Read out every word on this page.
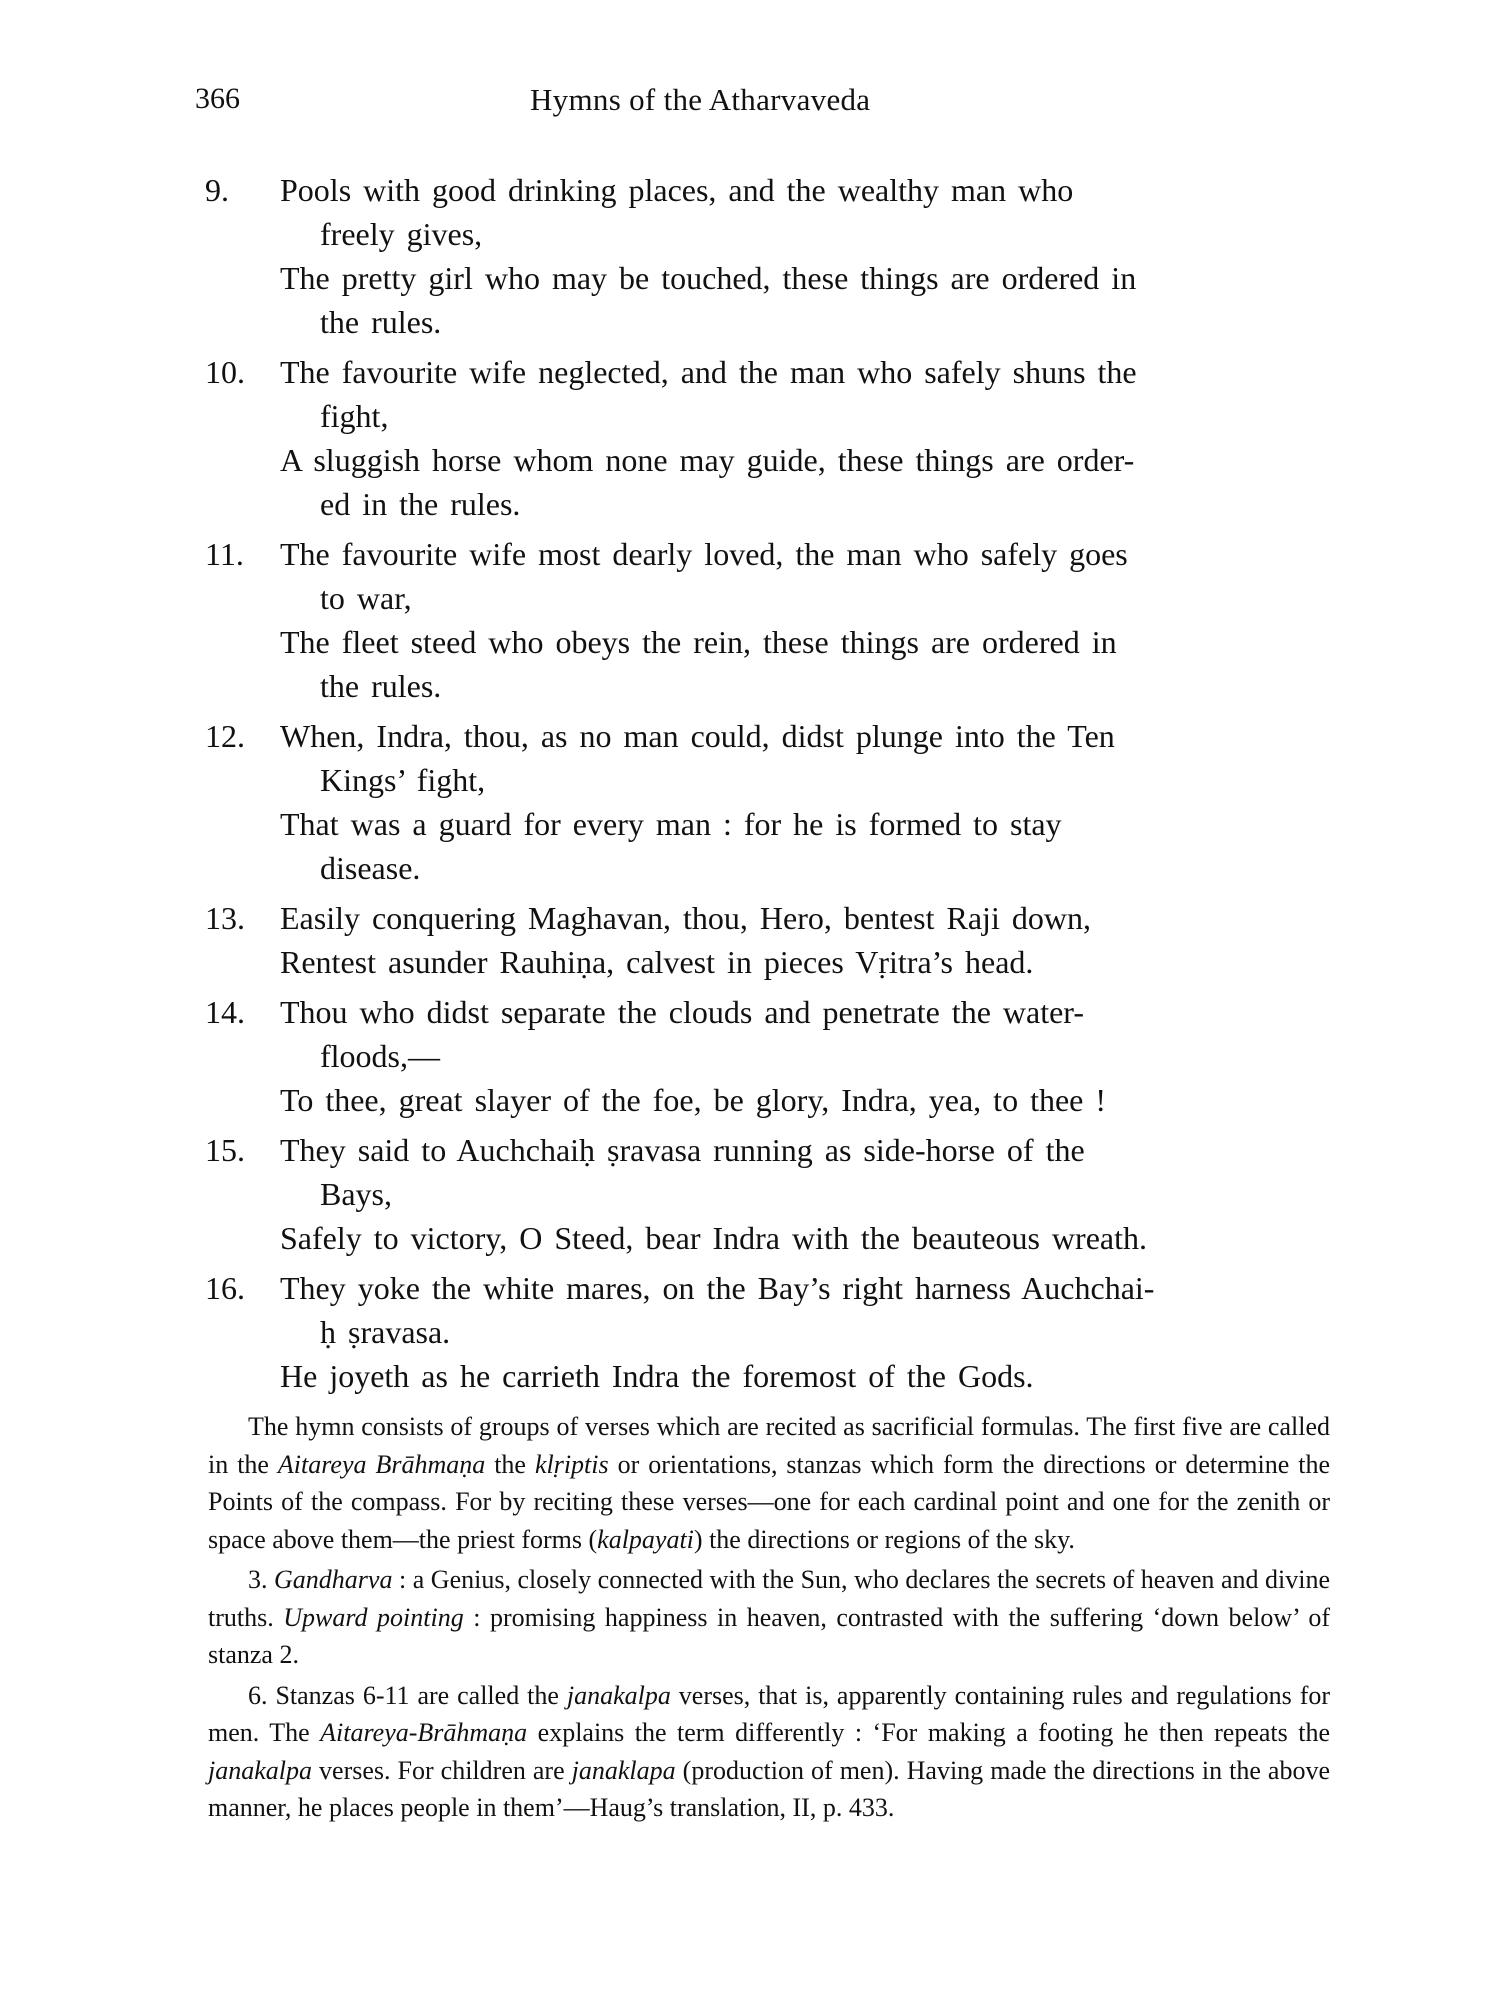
366	Hymns of the Atharvaveda
9.	Pools with good drinking places, and the wealthy man who
freely gives,
The pretty girl who may be touched, these things are ordered in
the rules.
10.	The favourite wife neglected, and the man who safely shuns the
fight,
A sluggish horse whom none may guide, these things are order-
ed in the rules.
11.	The favourite wife most dearly loved, the man who safely goes
to war,
The fleet steed who obeys the rein, these things are ordered in
the rules.
12.	When, Indra, thou, as no man could, didst plunge into the Ten
Kings’ fight,
That was a guard for every man : for he is formed to stay
disease.
13.	Easily conquering Maghavan, thou, Hero, bentest Raji down,
Rentest asunder Rauhiṇa, calvest in pieces Vṛitra’s head.
14.	Thou who didst separate the clouds and penetrate the water-
floods,—
To thee, great slayer of the foe, be glory, Indra, yea, to thee !
15.	They said to Auchchaiḥ ṣravasa running as side-horse of the
Bays,
Safely to victory, O Steed, bear Indra with the beauteous wreath.
16.	They yoke the white mares, on the Bay’s right harness Auchchai-
ḥ ṣravasa.
He joyeth as he carrieth Indra the foremost of the Gods.

The hymn consists of groups of verses which are recited as sacrificial formulas. The first five are called in the Aitareya Brāhmaṇa the klṛiptis or orientations, stanzas which form the directions or determine the Points of the compass. For by reciting these verses—one for each cardinal point and one for the zenith or space above them—the priest forms (kalpayati) the directions or regions of the sky.

3. Gandharva : a Genius, closely connected with the Sun, who declares the secrets of heaven and divine truths. Upward pointing : promising happiness in heaven, contrasted with the suffering ‘down below’ of stanza 2.

6. Stanzas 6-11 are called the janakalpa verses, that is, apparently containing rules and regulations for men. The Aitareya-Brāhmaṇa explains the term differently : ‘For making a footing he then repeats the janakalpa verses. For children are janaklapa (production of men). Having made the directions in the above manner, he places people in them’—Haug’s translation, II, p. 433.
